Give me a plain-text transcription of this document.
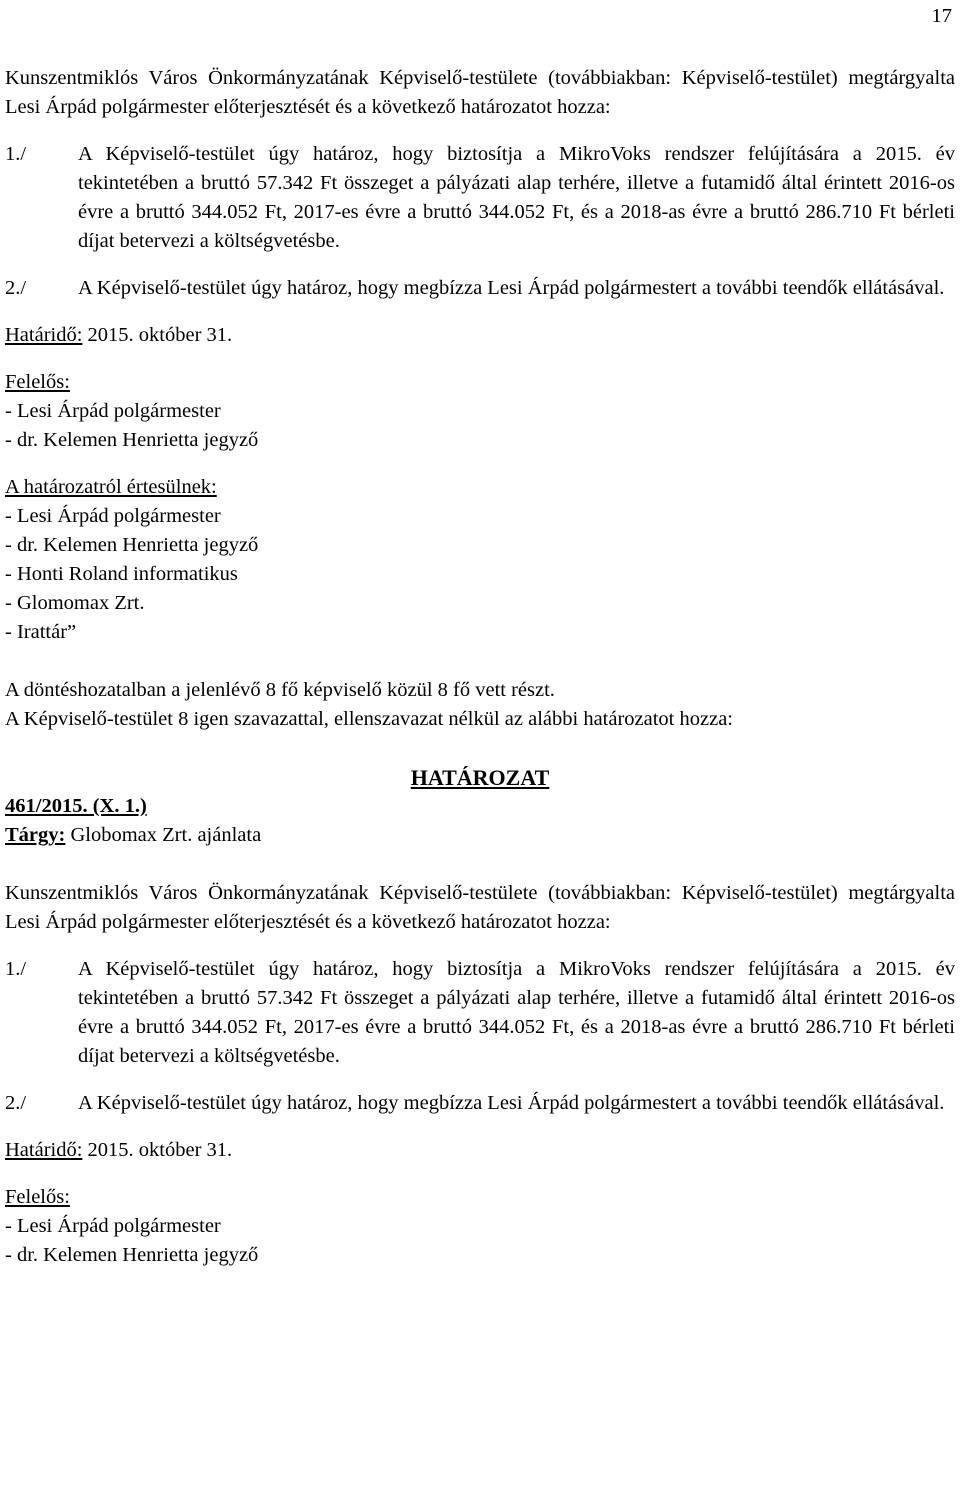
17

Kunszentmiklós Város Önkormányzatának Képviselő-testülete (továbbiakban: Képviselő-testület) megtárgyalta Lesi Árpád polgármester előterjesztését és a következő határozatot hozza:

1./	A Képviselő-testület úgy határoz, hogy biztosítja a MikroVoks rendszer felújítására a 2015. év tekintetében a bruttó 57.342 Ft összeget a pályázati alap terhére, illetve a futamidő által érintett 2016-os évre a bruttó 344.052 Ft, 2017-es évre a bruttó 344.052 Ft, és a 2018-as évre a bruttó 286.710 Ft bérleti díjat betervezi a költségvetésbe.
2./	A Képviselő-testület úgy határoz, hogy megbízza Lesi Árpád polgármestert a további teendők ellátásával.

Határidő: 2015. október 31.

Felelős:

- Lesi Árpád polgármester

- dr. Kelemen Henrietta jegyző

A határozatról értesülnek:

- Lesi Árpád polgármester

- dr. Kelemen Henrietta jegyző

- Honti Roland informatikus

- Glomomax Zrt.

- Irattár”

A döntéshozatalban a jelenlévő 8 fő képviselő közül 8 fő vett részt.

A Képviselő-testület 8 igen szavazattal, ellenszavazat nélkül az alábbi határozatot hozza:

HATÁROZAT

461/2015. (X. 1.)

Tárgy: Globomax Zrt. ajánlata

Kunszentmiklós Város Önkormányzatának Képviselő-testülete (továbbiakban: Képviselő-testület) megtárgyalta Lesi Árpád polgármester előterjesztését és a következő határozatot hozza:

1./	A Képviselő-testület úgy határoz, hogy biztosítja a MikroVoks rendszer felújítására a 2015. év tekintetében a bruttó 57.342 Ft összeget a pályázati alap terhére, illetve a futamidő által érintett 2016-os évre a bruttó 344.052 Ft, 2017-es évre a bruttó 344.052 Ft, és a 2018-as évre a bruttó 286.710 Ft bérleti díjat betervezi a költségvetésbe.
2./	A Képviselő-testület úgy határoz, hogy megbízza Lesi Árpád polgármestert a további teendők ellátásával.

Határidő: 2015. október 31.

Felelős:

- Lesi Árpád polgármester

- dr. Kelemen Henrietta jegyző
